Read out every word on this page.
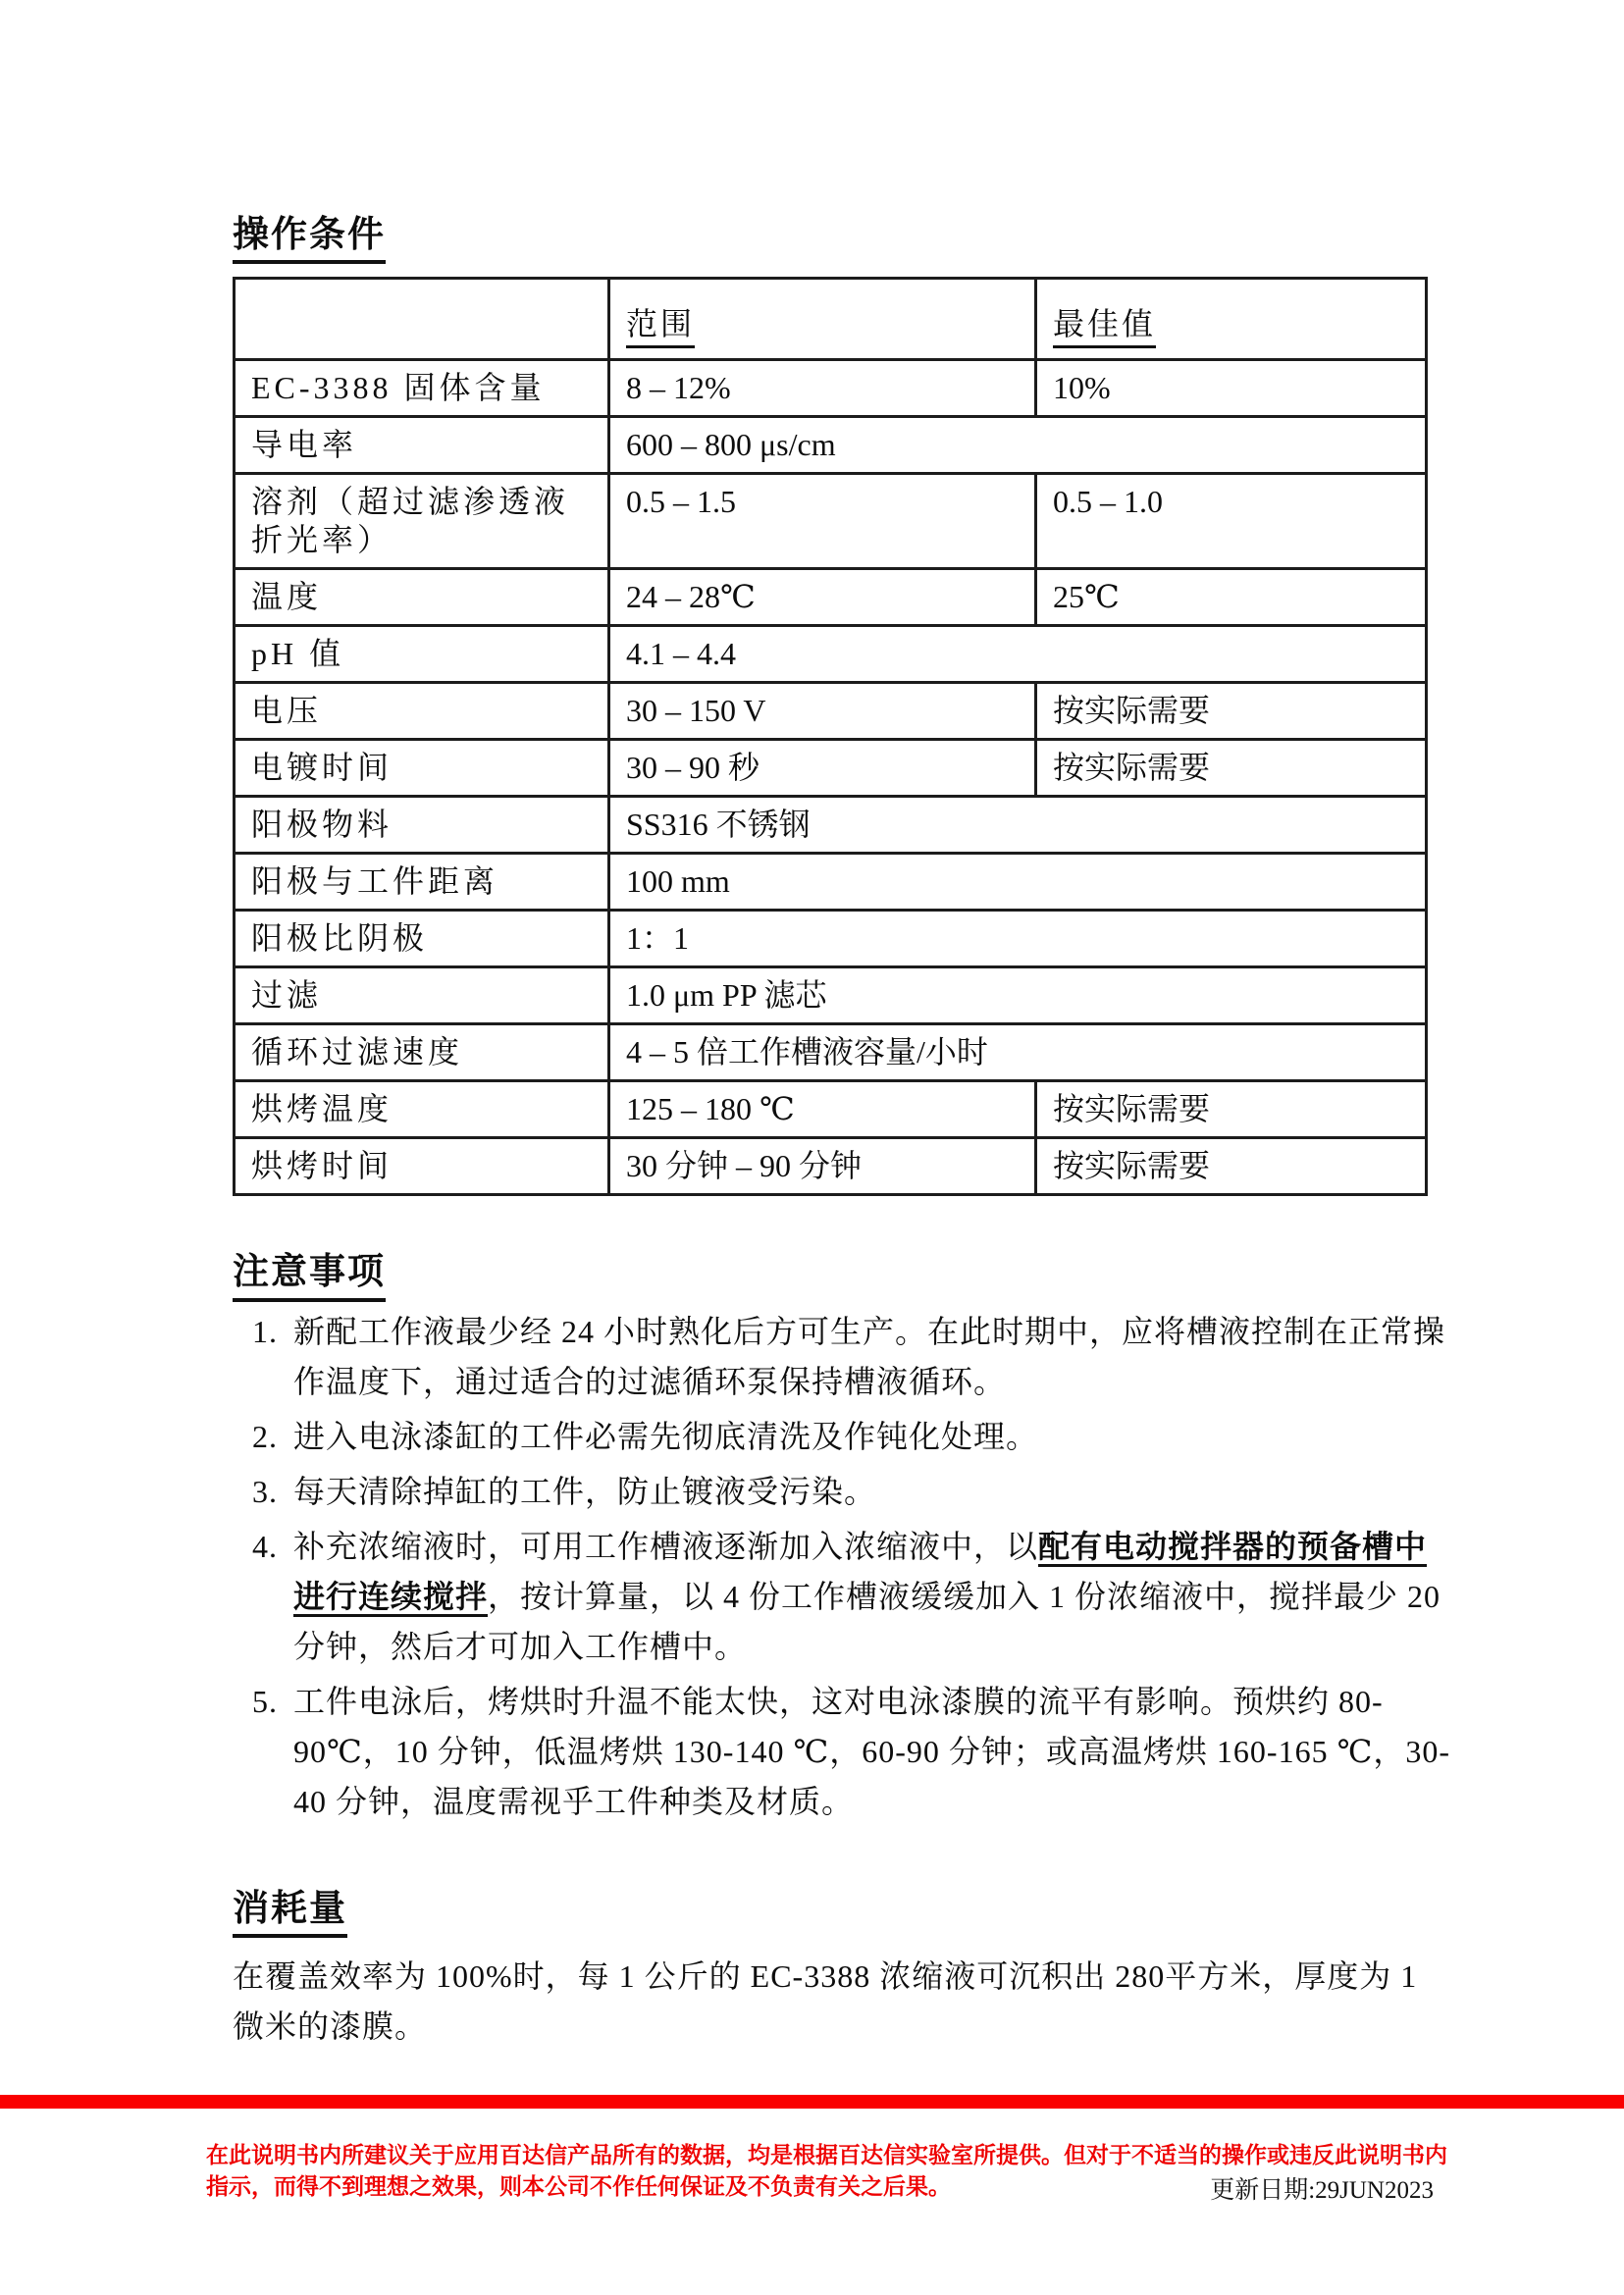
操作条件
	范围	最佳值
EC-3388 固体含量	8 – 12%	10%
导电率	600 – 800 μs/cm	
溶剂（超过滤渗透液折光率）	0.5 – 1.5	0.5 – 1.0
温度	24 – 28℃	25℃
pH 值	4.1 – 4.4	
电压	30 – 150 V	按实际需要
电镀时间	30 – 90 秒	按实际需要
阳极物料	SS316 不锈钢	
阳极与工件距离	100 mm	
阳极比阴极	1：1	
过滤	1.0 μm PP 滤芯	
循环过滤速度	4 – 5 倍工作槽液容量/小时	
烘烤温度	125 – 180 ℃	按实际需要
烘烤时间	30 分钟 – 90 分钟	按实际需要
注意事项
1. 新配工作液最少经 24 小时熟化后方可生产。在此时期中，应将槽液控制在正常操作温度下，通过适合的过滤循环泵保持槽液循环。
2. 进入电泳漆缸的工件必需先彻底清洗及作钝化处理。
3. 每天清除掉缸的工件，防止镀液受污染。
4. 补充浓缩液时，可用工作槽液逐渐加入浓缩液中，以配有电动搅拌器的预备槽中进行连续搅拌，按计算量，以 4 份工作槽液缓缓加入 1 份浓缩液中，搅拌最少 20 分钟，然后才可加入工作槽中。
5. 工件电泳后，烤烘时升温不能太快，这对电泳漆膜的流平有影响。预烘约 80-90℃，10 分钟，低温烤烘 130-140 ℃，60-90 分钟；或高温烤烘 160-165 ℃，30-40 分钟，温度需视乎工件种类及材质。
消耗量

在覆盖效率为 100%时，每 1 公斤的 EC-3388 浓缩液可沉积出 280平方米，厚度为 1 微米的漆膜。

在此说明书内所建议关于应用百达信产品所有的数据，均是根据百达信实验室所提供。但对于不适当的操作或违反此说明书内指示，而得不到理想之效果，则本公司不作任何保证及不负责有关之后果。	更新日期:29JUN2023
